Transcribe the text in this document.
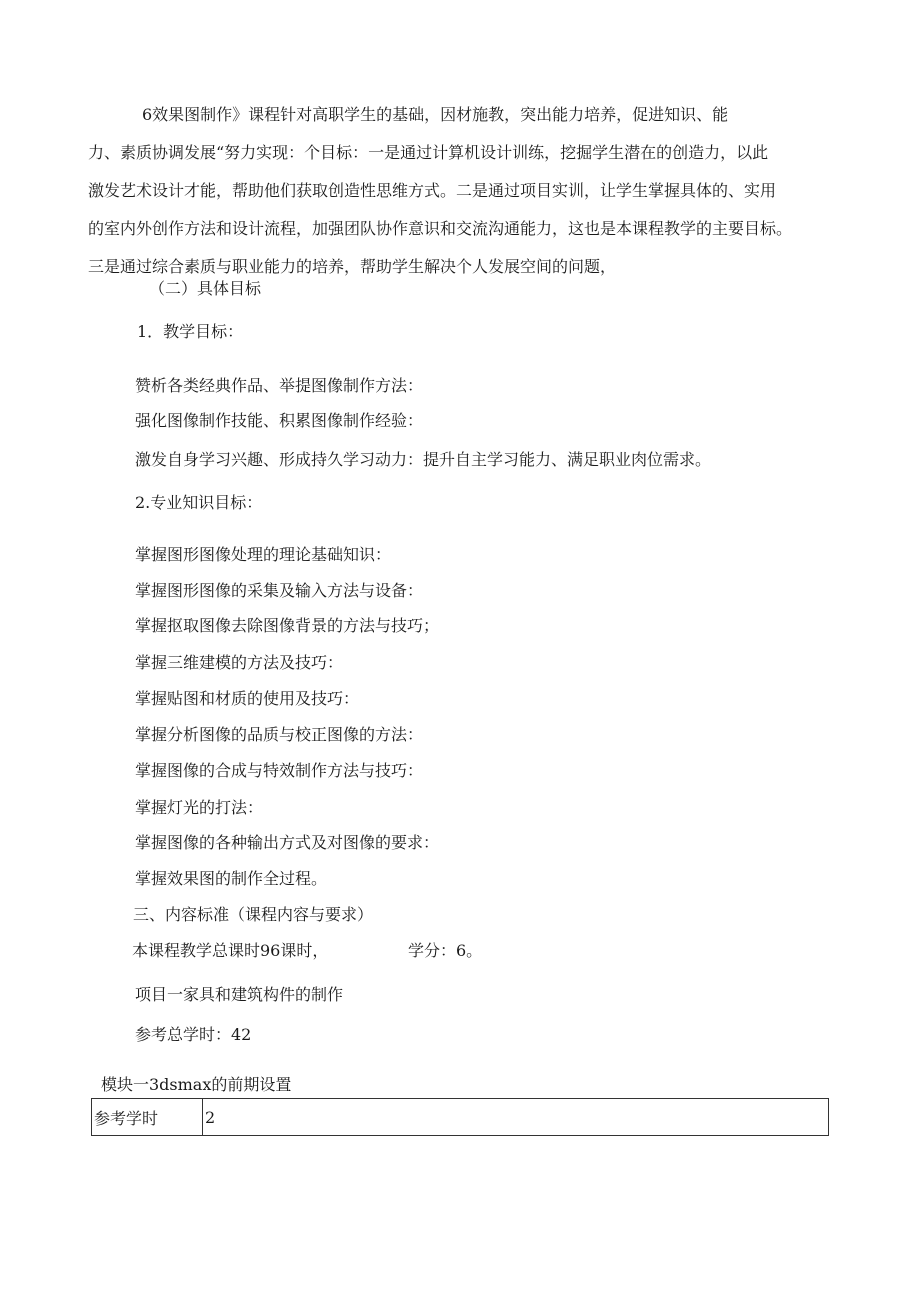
6效果图制作》课程针对高职学生的基础，因材施教，突出能力培养，促进知识、能
力、素质协调发展“努力实现：个目标：一是通过计算机设计训练，挖掘学生潜在的创造力，以此
激发艺术设计才能，帮助他们获取创造性思维方式。二是通过项目实训，让学生掌握具体的、实用
的室内外创作方法和设计流程，加强团队协作意识和交流沟通能力，这也是本课程教学的主要目标。
三是通过综合素质与职业能力的培养，帮助学生解决个人发展空间的问题，
（二）具体目标
1．教学目标：
赞析各类经典作品、举提图像制作方法：
强化图像制作技能、积累图像制作经验：
激发自身学习兴趣、形成持久学习动力：提升自主学习能力、满足职业肉位需求。
2.专业知识目标：
掌握图形图像处理的理论基础知识：
掌握图形图像的采集及输入方法与设备：
掌握抠取图像去除图像背景的方法与技巧；
掌握三维建模的方法及技巧：
掌握贴图和材质的使用及技巧：
掌握分析图像的品质与校正图像的方法：
掌握图像的合成与特效制作方法与技巧：
掌握灯光的打法：
掌握图像的各种输出方式及对图像的要求：
掌握效果图的制作全过程。
三、内容标准（课程内容与要求）
本课程教学总课时96课时，	学分：6。
项目一家具和建筑构件的制作
参考总学时：42
模块一3dsmax的前期设置
参考学时	2
